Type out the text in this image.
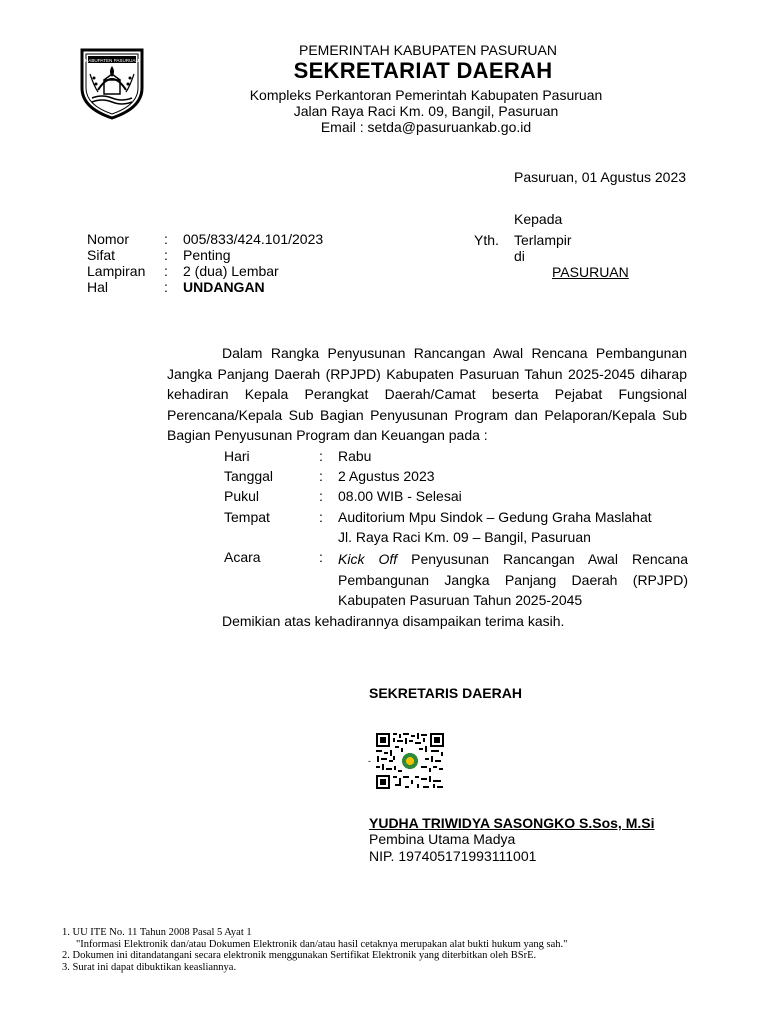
KABUPATEN PASURUAN
PEMERINTAH KABUPATEN PASURUAN
SEKRETARIAT DAERAH
Kompleks Perkantoran Pemerintah Kabupaten Pasuruan
Jalan Raya Raci Km. 09, Bangil, Pasuruan
Email : setda@pasuruankab.go.id
Pasuruan, 01 Agustus 2023
Kepada
Yth. Terlampir
di
PASURUAN
Nomor : 005/833/424.101/2023
Sifat	: Penting
Lampiran : 2 (dua) Lembar
Hal	: UNDANGAN
Dalam Rangka Penyusunan Rancangan Awal Rencana Pembangunan Jangka Panjang Daerah (RPJPD) Kabupaten Pasuruan Tahun 2025-2045 diharap kehadiran Kepala Perangkat Daerah/Camat beserta Pejabat Fungsional Perencana/Kepala Sub Bagian Penyusunan Program dan Pelaporan/Kepala Sub Bagian Penyusunan Program dan Keuangan pada :
Hari	: Rabu
Tanggal	: 2 Agustus 2023
Pukul	: 08.00 WIB - Selesai
Tempat	: Auditorium Mpu Sindok – Gedung Graha Maslahat
Jl. Raya Raci Km. 09 – Bangil, Pasuruan
Acara	: Kick Off Penyusunan Rancangan Awal Rencana Pembangunan Jangka Panjang Daerah (RPJPD) Kabupaten Pasuruan Tahun 2025-2045
Demikian atas kehadirannya disampaikan terima kasih.
SEKRETARIS DAERAH
-
YUDHA TRIWIDYA SASONGKO S.Sos, M.Si
Pembina Utama Madya
NIP. 197405171993111001
1. UU ITE No. 11 Tahun 2008 Pasal 5 Ayat 1
"Informasi Elektronik dan/atau Dokumen Elektronik dan/atau hasil cetaknya merupakan alat bukti hukum yang sah."
2. Dokumen ini ditandatangani secara elektronik menggunakan Sertifikat Elektronik yang diterbitkan oleh BSrE.
3. Surat ini dapat dibuktikan keasliannya.
